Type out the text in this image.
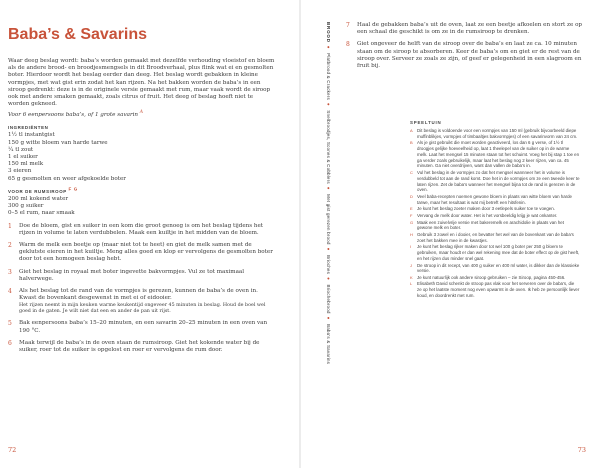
Baba’s & Savarins

Waar deeg beslag wordt: baba’s worden gemaakt met dezelfde verhouding vloeistof en bloem als de andere brood- en broodjesmengsels in dit Broodverhaal, plus flink wat ei en gesmolten boter. Hierdoor wordt het beslag eerder dan deeg. Het beslag wordt gebakken in kleine vormpjes, met wat gist erin zodat het kan rijzen. Na het bakken worden de baba’s in een siroop gedrenkt: deze is in de originele versie gemaakt met rum, maar vaak wordt de siroop ook met andere smaken gemaakt, zoals citrus of fruit. Het deeg of beslag hoeft niet te worden gekneed.

Voor 6 eenpersoons baba’s, of 1 grote savarin $^A$

INGREDIËNTEN
1½ tl instantgist
150 g witte bloem van harde tarwe
¼ tl zout
1 el suiker
150 ml melk
3 eieren
65 g gesmolten en weer afgekoelde boter
VOOR DE RUMSIROOP F G
200 ml kokend water
300 g suiker
0–5 el rum, naar smaak
1 Doe de bloem, gist en suiker in een kom die groot genoeg is om het beslag tijdens het rijzen in volume te laten verdubbelen. Maak een kuiltje in het midden van de bloem.
2 Warm de melk een beetje op (maar niet tot te heet) en giet de melk samen met de geklutste eieren in het kuiltje. Meng alles goed en klop er vervolgens de gesmolten boter door tot een homogeen beslag hebt.
3 Giet het beslag in royaal met boter ingevette bakvormpjes. Vul ze tot maximaal halverwege.
4 Als het beslag tot de rand van de vormpjes is gerezen, kunnen de baba’s de oven in. Kwast de bovenkant desgewenst in met ei of eidooier.
Het rijzen neemt in mijn keuken warme keukentijd ongeveer 45 minuten in beslag. Houd de boel wel goed in de gaten. Je wilt niet dat een en ander de pan uit rijst.
5 Bak eenpersoons baba’s 15–20 minuten, en een savarin 20–25 minuten in een oven van 190 °C.
6 Maak terwijl de baba’s in de oven staan de rumsiroop. Giet het kokende water bij de suiker, roer tot de suiker is opgelost en roer er vervolgens de rum door.
72
BROOD● Platbrood & Crackers● Snelbroodjes, Scones & Cobblers● Met gist gerezen brood● Brioches● Briochebrood● Baba’s & Savarins
7 Haal de gebakken baba’s uit de oven, laat ze een beetje afkoelen en stort ze op een schaal die geschikt is om ze in de rumsiroop te drenken.
8 Giet ongeveer de helft van de siroop over de baba’s en laat ze ca. 10 minuten staan om de siroop te absorberen. Keer de baba’s om en giet er de rest van de siroop over. Serveer ze zoals ze zijn, of geef er gelegenheid in een slagroom en fruit bij.
SPEELTUIN
A Dit beslag is voldoende voor een vormpjes van 150 ml (gebruik bijvoorbeeld diepe muffinblikjes, vormpjes of timbaaltjes bakvormpjes) of een savarinvorm van 24 cm.
B Als je gist gebruikt die moet worden geactiveerd, los dan 6 g verse, of 1½ tl droogjes gelijke hoeveelheid op, laat 1 theelepel van de suiker op in de warme melk. Laat het mengsel 15 minuten staan tot het schuimt. Voeg het bij stap 1 toe en ga verder zoals gebruikelijk, maar laat het beslag nog 2 keer rijzen, van ca. 45 minuten. Ga niet overdrijven, want dan vallen de baba’s in.
C Vul het beslag in de vormpjes zo dat het mengsel wannneer het in volume is verdubbeld tot aan de rand komt. Doe het in de vormpjes om ze een tweede keer te laten rijzen. Zet de baba’s wanneer het mengsel bijna tot de rand is gerezen in de oven.
D Veel baba-recepten noemen gewone bloem in plaats van witte bloem van harde tarwe, maar het resultaat is wat mij betreft een hitsfenin.
E Je kunt het beslag zoeter maken door 3 eetlepels suiker toe te voegen.
F Vervang de melk door water. Het is het vorsbeeldig krijg je wat onkanter.
G Maak een zuivelvrije versie met bakeremelk en arachidolie in plaats van het gewone melk en boter.
H Gebruik 3 zowel en i dooier, en bevatter het wel van de bovenkant van de baba’s zoet het bakken mee in de kwastjes.
I Je kunt het beslag rijker maken door tot wel 100 g boter per 250 g bloem te gebruiken, maar houdt er dan wel rekening mee dat de boter effect op de gist heeft, en het rijzen dus minder snel gaat.
J De stroop in dit recept, van 400 g suiker en 400 ml water, is dikker dan de klassieke versie.
K Je kunt natuurlijk ook andere siroop gebruiken – zie Siroop, pagina 450-456.
L Elisabeth David schenkt de stroop pas vlak voor het serveren over de baba’s, die ze op het laatste moment nog even opwarmt in de oven. Ik heb ze persoonlijk liever koud, en doordrenkt met rum.
73
